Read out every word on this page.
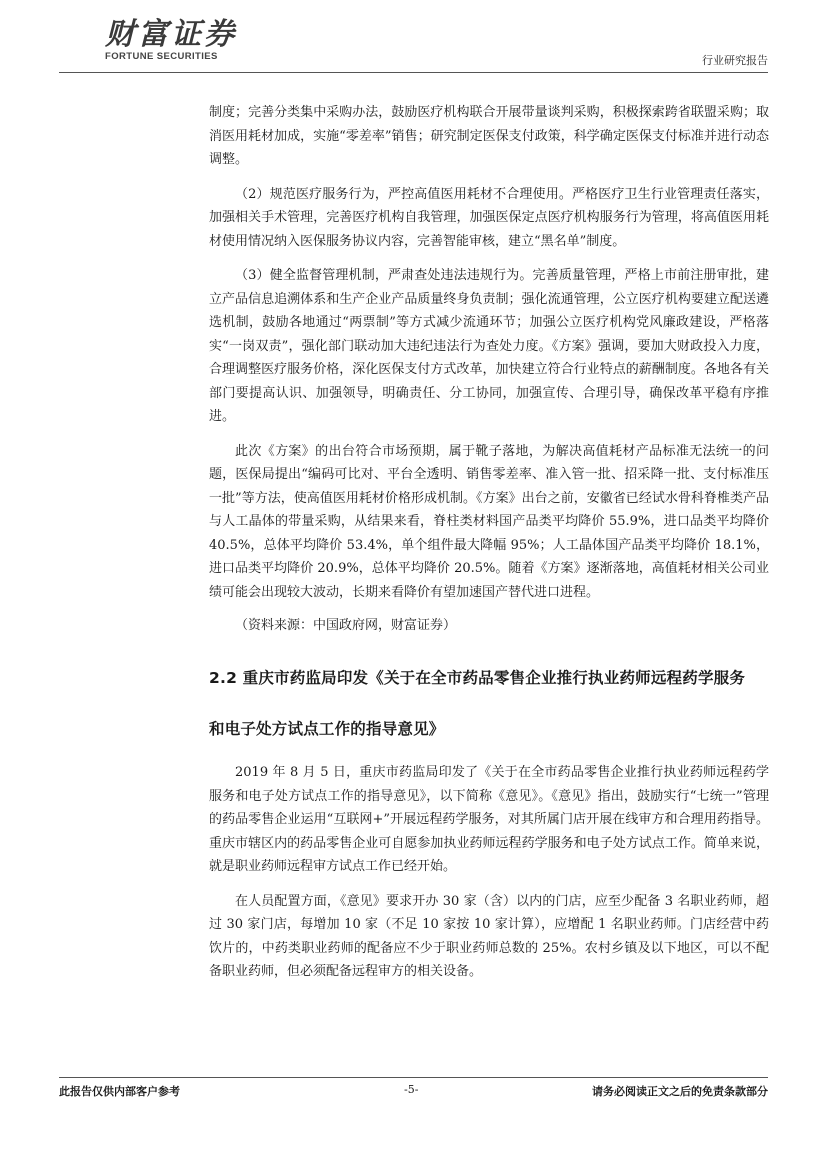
财富证券
FORTUNE SECURITIES	行业研究报告

制度；完善分类集中采购办法，鼓励医疗机构联合开展带量谈判采购，积极探索跨省联盟采购；取消医用耗材加成，实施“零差率”销售；研究制定医保支付政策，科学确定医保支付标准并进行动态调整。

（2）规范医疗服务行为，严控高值医用耗材不合理使用。严格医疗卫生行业管理责任落实，加强相关手术管理，完善医疗机构自我管理，加强医保定点医疗机构服务行为管理，将高值医用耗材使用情况纳入医保服务协议内容，完善智能审核，建立“黑名单”制度。

（3）健全监督管理机制，严肃查处违法违规行为。完善质量管理，严格上市前注册审批，建立产品信息追溯体系和生产企业产品质量终身负责制；强化流通管理，公立医疗机构要建立配送遴选机制，鼓励各地通过“两票制”等方式减少流通环节；加强公立医疗机构党风廉政建设，严格落实“一岗双责”，强化部门联动加大违纪违法行为查处力度。《方案》强调，要加大财政投入力度，合理调整医疗服务价格，深化医保支付方式改革，加快建立符合行业特点的薪酬制度。各地各有关部门要提高认识、加强领导，明确责任、分工协同，加强宣传、合理引导，确保改革平稳有序推进。

此次《方案》的出台符合市场预期，属于靴子落地，为解决高值耗材产品标准无法统一的问题，医保局提出“编码可比对、平台全透明、销售零差率、准入管一批、招采降一批、支付标准压一批”等方法，使高值医用耗材价格形成机制。《方案》出台之前，安徽省已经试水骨科脊椎类产品与人工晶体的带量采购，从结果来看，脊柱类材料国产品类平均降价 55.9%，进口品类平均降价 40.5%，总体平均降价 53.4%，单个组件最大降幅 95%；人工晶体国产品类平均降价 18.1%，进口品类平均降价 20.9%，总体平均降价 20.5%。随着《方案》逐渐落地，高值耗材相关公司业绩可能会出现较大波动，长期来看降价有望加速国产替代进口进程。

（资料来源：中国政府网，财富证券）

2.2 重庆市药监局印发《关于在全市药品零售企业推行执业药师远程药学服务
和电子处方试点工作的指导意见》

2019 年 8 月 5 日，重庆市药监局印发了《关于在全市药品零售企业推行执业药师远程药学服务和电子处方试点工作的指导意见》，以下简称《意见》。《意见》指出，鼓励实行“七统一”管理的药品零售企业运用“互联网+”开展远程药学服务，对其所属门店开展在线审方和合理用药指导。重庆市辖区内的药品零售企业可自愿参加执业药师远程药学服务和电子处方试点工作。简单来说，就是职业药师远程审方试点工作已经开始。

在人员配置方面，《意见》要求开办 30 家（含）以内的门店，应至少配备 3 名职业药师，超过 30 家门店，每增加 10 家（不足 10 家按 10 家计算），应增配 1 名职业药师。门店经营中药饮片的，中药类职业药师的配备应不少于职业药师总数的 25%。农村乡镇及以下地区，可以不配备职业药师，但必须配备远程审方的相关设备。

此报告仅供内部客户参考	-5-	请务必阅读正文之后的免责条款部分
